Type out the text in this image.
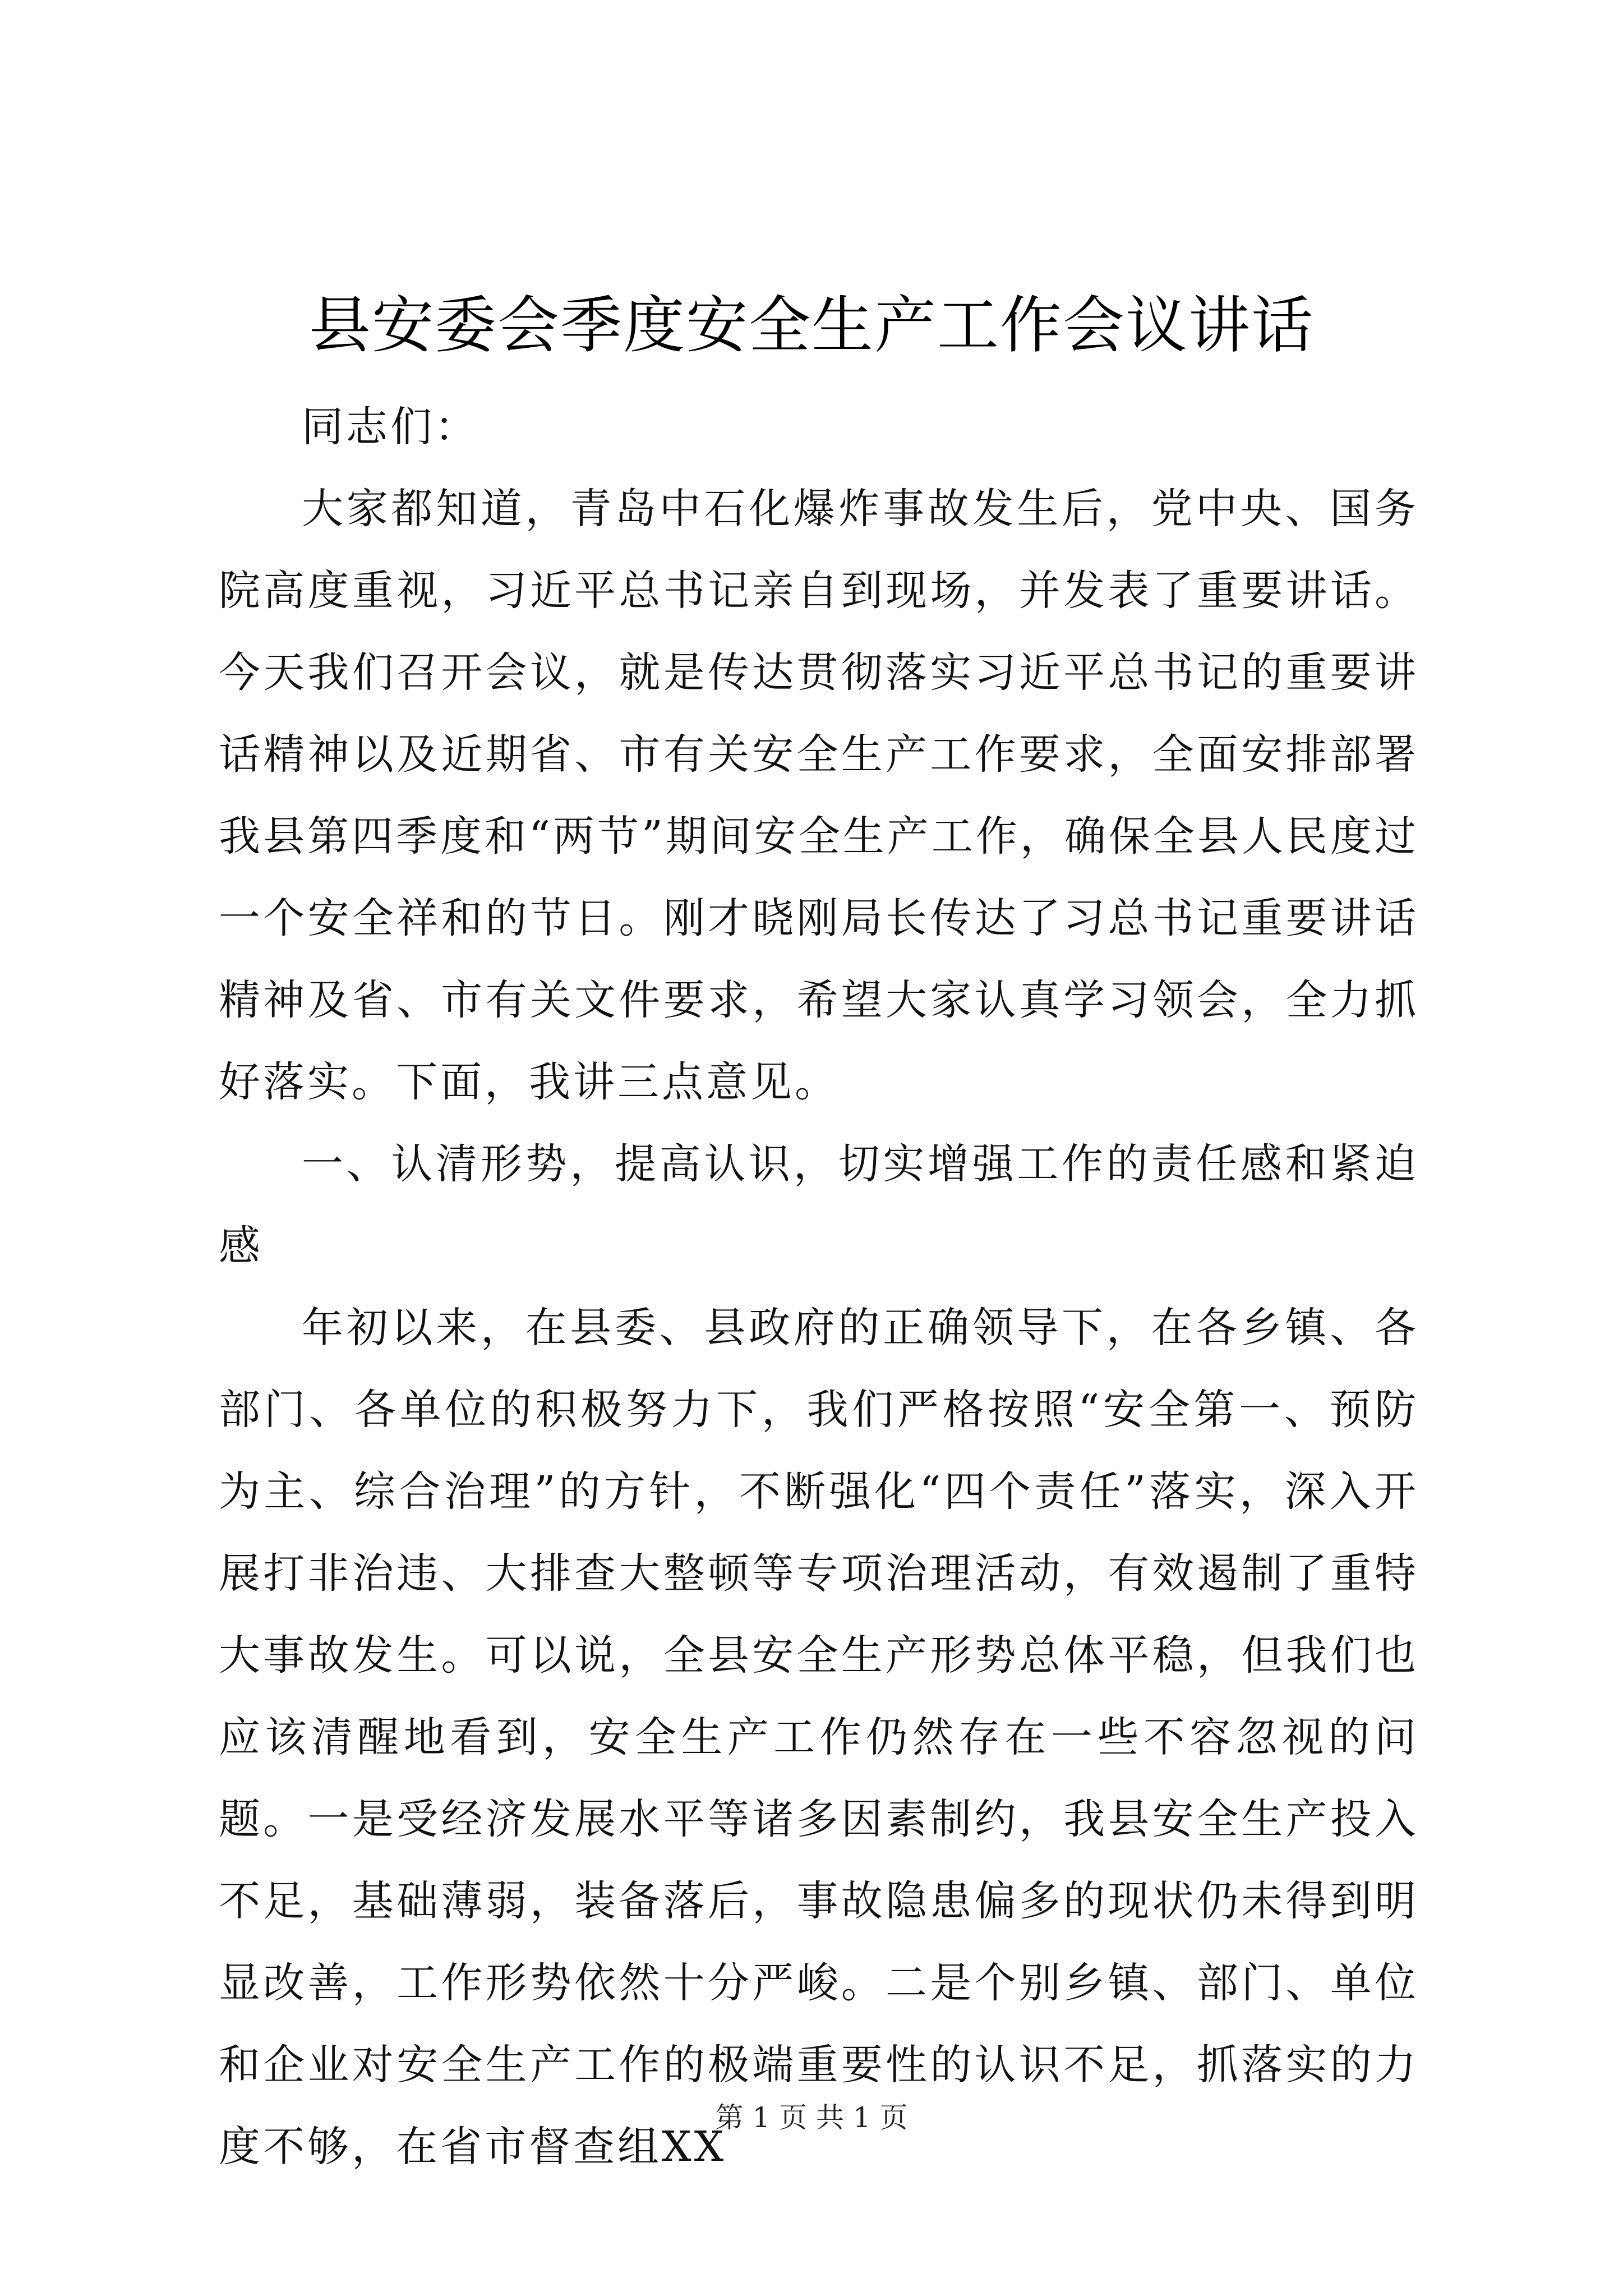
县安委会季度安全生产工作会议讲话

同志们：

大家都知道，青岛中石化爆炸事故发生后，党中央、国务院高度重视，习近平总书记亲自到现场，并发表了重要讲话。今天我们召开会议，就是传达贯彻落实习近平总书记的重要讲话精神以及近期省、市有关安全生产工作要求，全面安排部署我县第四季度和“两节”期间安全生产工作，确保全县人民度过一个安全祥和的节日。刚才晓刚局长传达了习总书记重要讲话精神及省、市有关文件要求，希望大家认真学习领会，全力抓好落实。下面，我讲三点意见。

一、认清形势，提高认识，切实增强工作的责任感和紧迫感

年初以来，在县委、县政府的正确领导下，在各乡镇、各部门、各单位的积极努力下，我们严格按照“安全第一、预防为主、综合治理”的方针，不断强化“四个责任”落实，深入开展打非治违、大排查大整顿等专项治理活动，有效遏制了重特大事故发生。可以说，全县安全生产形势总体平稳，但我们也应该清醒地看到，安全生产工作仍然存在一些不容忽视的问题。一是受经济发展水平等诸多因素制约，我县安全生产投入不足，基础薄弱，装备落后，事故隐患偏多的现状仍未得到明显改善，工作形势依然十分严峻。二是个别乡镇、部门、单位和企业对安全生产工作的极端重要性的认识不足，抓落实的力度不够，在省市督查组XX

第 1 页 共 1 页
